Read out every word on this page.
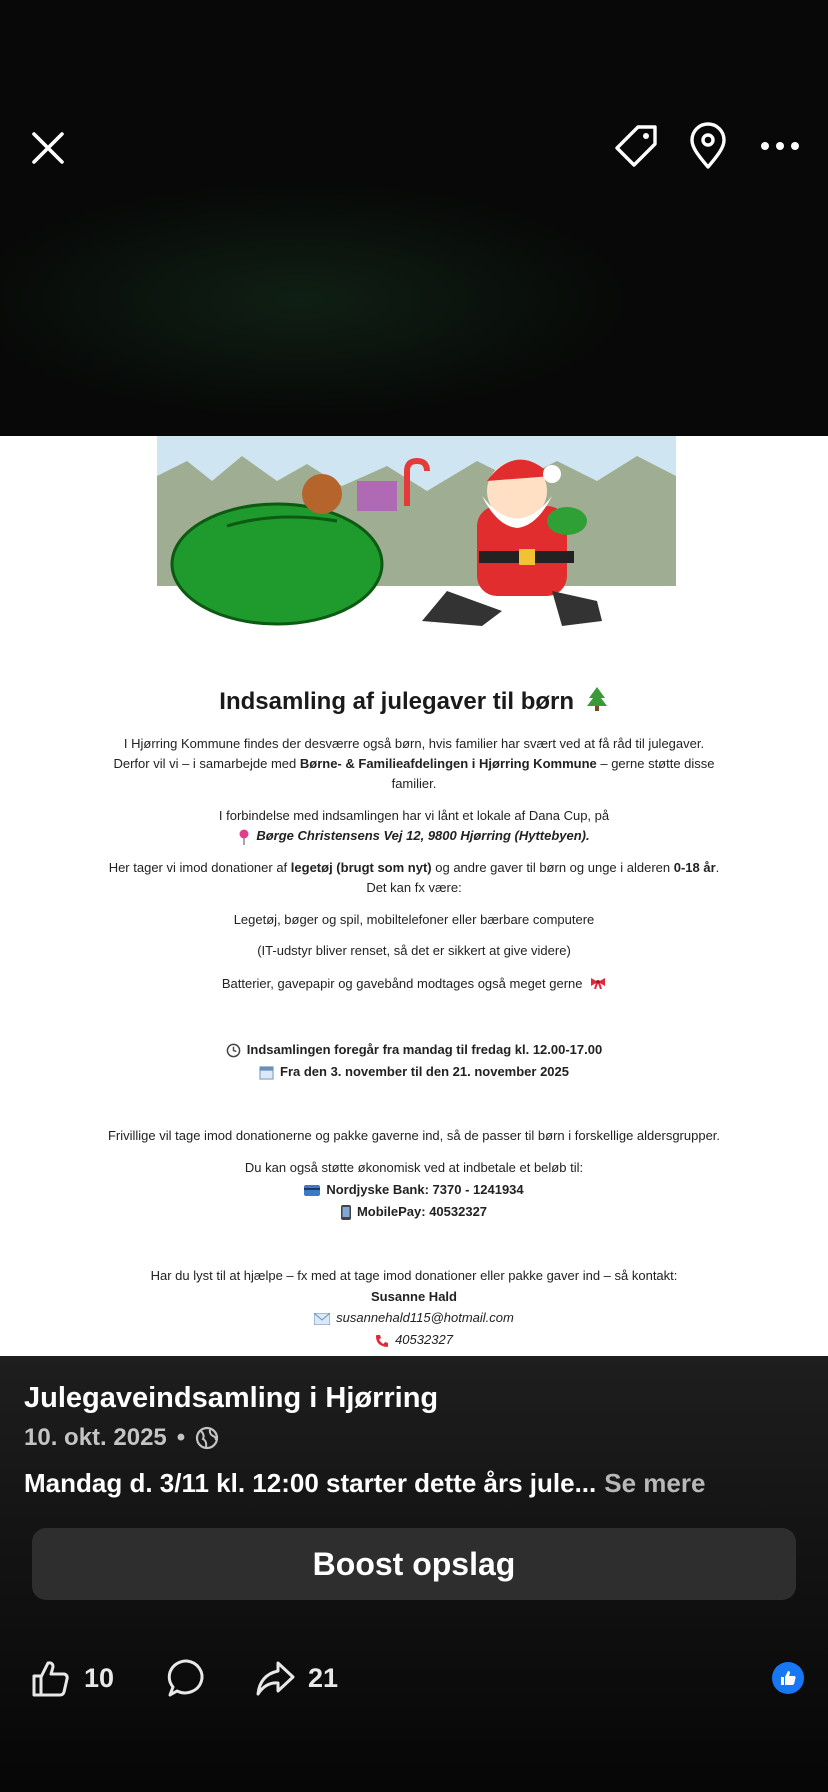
Indsamling af julegaver til børn
I Hjørring Kommune findes der desværre også børn, hvis familier har svært ved at få råd til julegaver.
Derfor vil vi – i samarbejde med Børne- & Familieafdelingen i Hjørring Kommune – gerne støtte disse
familier.
I forbindelse med indsamlingen har vi lånt et lokale af Dana Cup, på
Børge Christensens Vej 12, 9800 Hjørring (Hyttebyen).
Her tager vi imod donationer af legetøj (brugt som nyt) og andre gaver til børn og unge i alderen 0-18 år.
Det kan fx være:
Legetøj, bøger og spil, mobiltelefoner eller bærbare computere
(IT-udstyr bliver renset, så det er sikkert at give videre)
Batterier, gavepapir og gavebånd modtages også meget gerne
Indsamlingen foregår fra mandag til fredag kl. 12.00-17.00
Fra den 3. november til den 21. november 2025
Frivillige vil tage imod donationerne og pakke gaverne ind, så de passer til børn i forskellige aldersgrupper.
Du kan også støtte økonomisk ved at indbetale et beløb til:
Nordjyske Bank: 7370 - 1241934
MobilePay: 40532327
Har du lyst til at hjælpe – fx med at tage imod donationer eller pakke gaver ind – så kontakt:
Susanne Hald
susannehald115@hotmail.com
40532327
Julegaveindsamling i Hjørring
10. okt. 2025 •
Mandag d. 3/11 kl. 12:00 starter dette års jule... Se mere
Boost opslag
10	21
